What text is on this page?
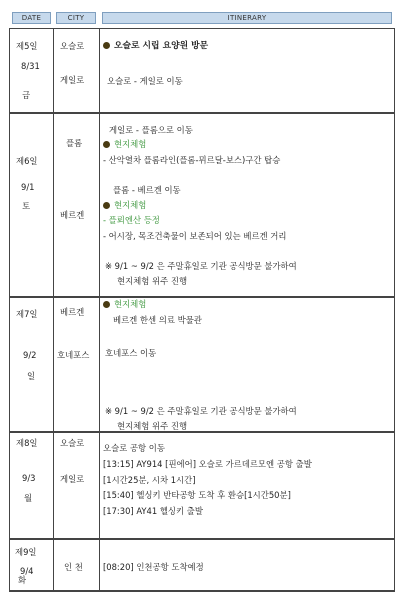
DATE	CITY	ITINERARY
제5일
8/31
금
오슬로
게일로
오슬로 시립 요양원 방문
오슬로 - 게일로 이동
제6일
9/1
토
플롬
베르겐
게일로 - 플롬으로 이동
현지체험
- 산악열차 플롬라인(플롬-뮈르달-보스)구간 탑승
플롬 - 베르겐 이동
현지체험
- 플뢰엔산 등정
- 어시장, 목조건축물이 보존되어 있는 베르겐 거리
※ 9/1 ~ 9/2 은 주말휴일로 기관 공식방문 불가하여
현지체험 위주 진행
제7일
9/2
일
베르겐
호네포스
현지체험
베르겐 한센 의료 박물관
호네포스 이동
※ 9/1 ~ 9/2 은 주말휴일로 기관 공식방문 불가하여
현지체험 위주 진행
제8일
9/3
월
오슬로
게일로
오슬로 공항 이동
[13:15] AY914 [핀에어] 오슬로 가르데르모엔 공항 출발
[1시간25분, 시차 1시간]
[15:40] 헬싱키 반타공항 도착 후 환승[1시간50분]
[17:30] AY41 헬싱키 출발
제9일
9/4
화
인 천 [08:20] 인천공항 도착예정
